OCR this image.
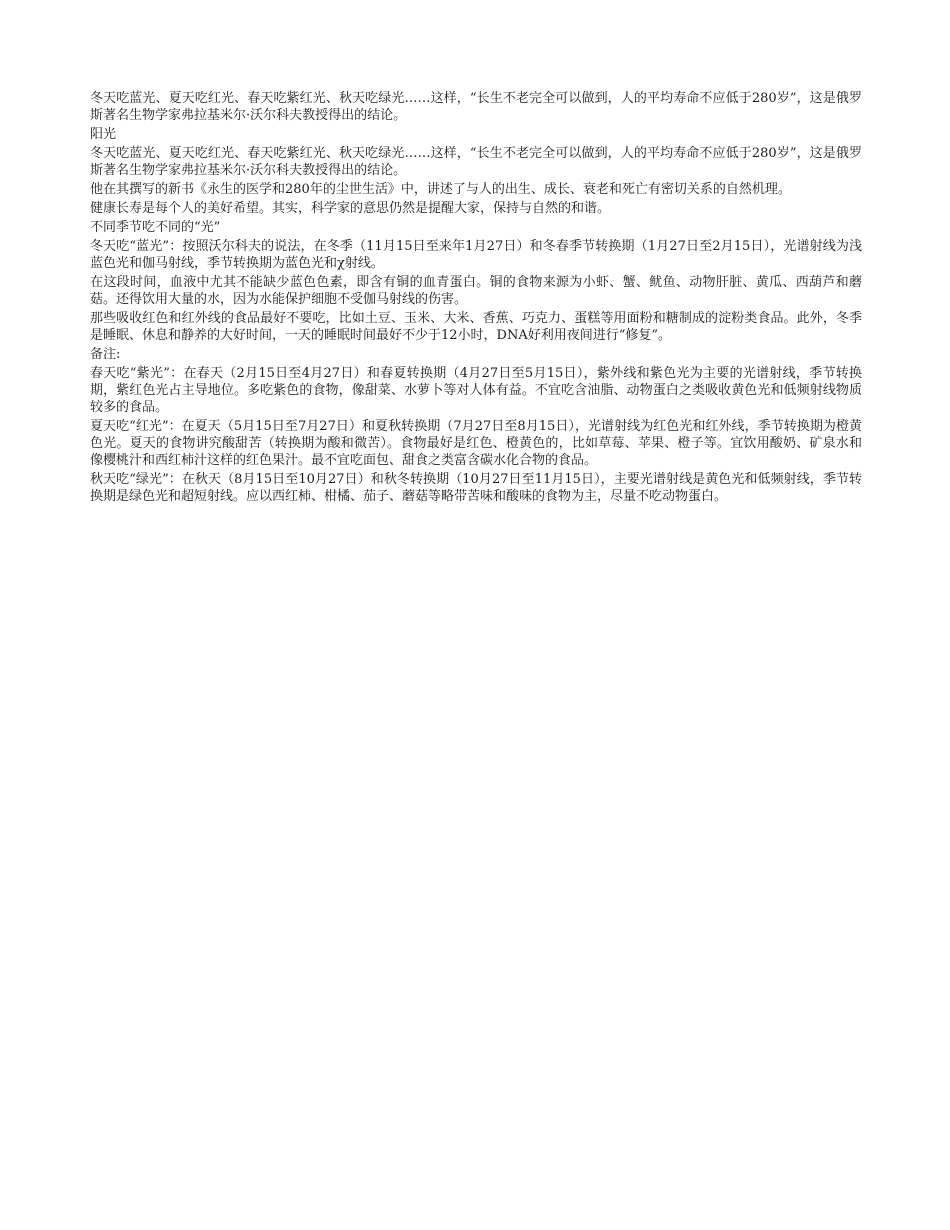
冬天吃蓝光、夏天吃红光、春天吃紫红光、秋天吃绿光……这样，“长生不老完全可以做到，人的平均寿命不应低于280岁”，这是俄罗斯著名生物学家弗拉基米尔·沃尔科夫教授得出的结论。

阳光

冬天吃蓝光、夏天吃红光、春天吃紫红光、秋天吃绿光……这样，“长生不老完全可以做到，人的平均寿命不应低于280岁”，这是俄罗斯著名生物学家弗拉基米尔·沃尔科夫教授得出的结论。

他在其撰写的新书《永生的医学和280年的尘世生活》中，讲述了与人的出生、成长、衰老和死亡有密切关系的自然机理。

健康长寿是每个人的美好希望。其实，科学家的意思仍然是提醒大家，保持与自然的和谐。

不同季节吃不同的“光”

冬天吃“蓝光”：按照沃尔科夫的说法，在冬季（11月15日至来年1月27日）和冬春季节转换期（1月27日至2月15日），光谱射线为浅蓝色光和伽马射线，季节转换期为蓝色光和χ射线。

在这段时间，血液中尤其不能缺少蓝色色素，即含有铜的血青蛋白。铜的食物来源为小虾、蟹、鱿鱼、动物肝脏、黄瓜、西葫芦和蘑菇。还得饮用大量的水，因为水能保护细胞不受伽马射线的伤害。

那些吸收红色和红外线的食品最好不要吃，比如土豆、玉米、大米、香蕉、巧克力、蛋糕等用面粉和糖制成的淀粉类食品。此外，冬季是睡眠、休息和静养的大好时间，一天的睡眠时间最好不少于12小时，DNA好利用夜间进行“修复”。

备注:

春天吃“紫光”：在春天（2月15日至4月27日）和春夏转换期（4月27日至5月15日），紫外线和紫色光为主要的光谱射线，季节转换期，紫红色光占主导地位。多吃紫色的食物，像甜菜、水萝卜等对人体有益。不宜吃含油脂、动物蛋白之类吸收黄色光和低频射线物质较多的食品。

夏天吃“红光”：在夏天（5月15日至7月27日）和夏秋转换期（7月27日至8月15日），光谱射线为红色光和红外线，季节转换期为橙黄色光。夏天的食物讲究酸甜苦（转换期为酸和微苦）。食物最好是红色、橙黄色的，比如草莓、苹果、橙子等。宜饮用酸奶、矿泉水和像樱桃汁和西红柿汁这样的红色果汁。最不宜吃面包、甜食之类富含碳水化合物的食品。

秋天吃“绿光”：在秋天（8月15日至10月27日）和秋冬转换期（10月27日至11月15日），主要光谱射线是黄色光和低频射线，季节转换期是绿色光和超短射线。应以西红柿、柑橘、茄子、蘑菇等略带苦味和酸味的食物为主，尽量不吃动物蛋白。
